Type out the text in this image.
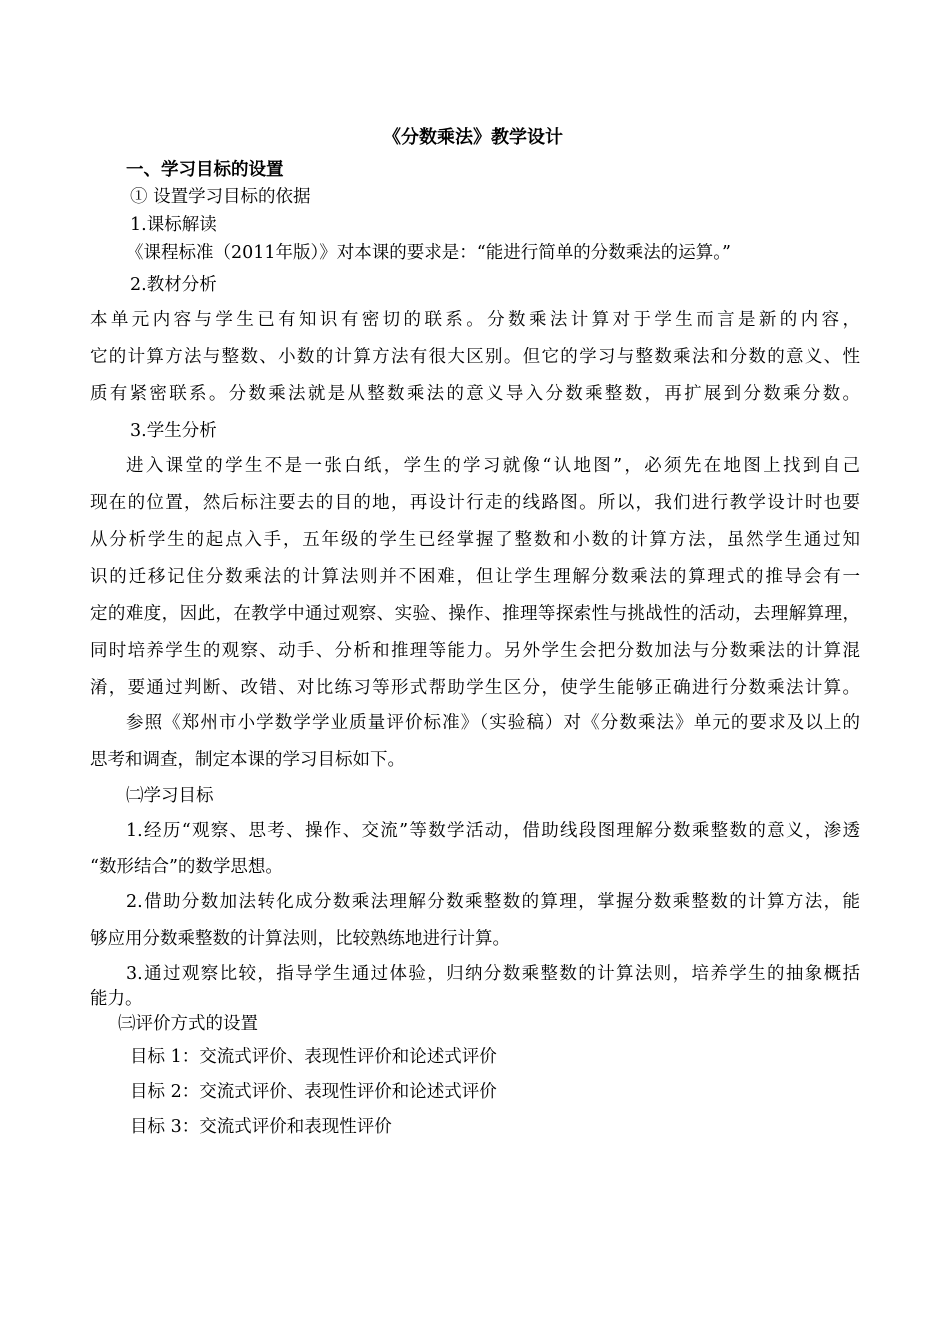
《分数乘法》教学设计
一、学习目标的设置
① 设置学习目标的依据
1.课标解读
《课程标准（2011年版）》对本课的要求是：“能进行简单的分数乘法的运算。”
2.教材分析
本单元内容与学生已有知识有密切的联系。分数乘法计算对于学生而言是新的内容，
它的计算方法与整数、小数的计算方法有很大区别。但它的学习与整数乘法和分数的意义、性
质有紧密联系。分数乘法就是从整数乘法的意义导入分数乘整数，再扩展到分数乘分数。
3.学生分析
进入课堂的学生不是一张白纸，学生的学习就像“认地图”，必须先在地图上找到自己
现在的位置，然后标注要去的目的地，再设计行走的线路图。所以，我们进行教学设计时也要
从分析学生的起点入手，五年级的学生已经掌握了整数和小数的计算方法，虽然学生通过知
识的迁移记住分数乘法的计算法则并不困难，但让学生理解分数乘法的算理式的推导会有一
定的难度，因此，在教学中通过观察、实验、操作、推理等探索性与挑战性的活动，去理解算理，
同时培养学生的观察、动手、分析和推理等能力。另外学生会把分数加法与分数乘法的计算混
淆，要通过判断、改错、对比练习等形式帮助学生区分，使学生能够正确进行分数乘法计算。
参照《郑州市小学数学学业质量评价标准》（实验稿）对《分数乘法》单元的要求及以上的
思考和调查，制定本课的学习目标如下。
㈡学习目标
1.经历“观察、思考、操作、交流”等数学活动，借助线段图理解分数乘整数的意义，渗透
“数形结合”的数学思想。
2.借助分数加法转化成分数乘法理解分数乘整数的算理，掌握分数乘整数的计算方法，能
够应用分数乘整数的计算法则，比较熟练地进行计算。
3.通过观察比较，指导学生通过体验，归纳分数乘整数的计算法则，培养学生的抽象概括
能力。
㈢评价方式的设置
目标 1：交流式评价、表现性评价和论述式评价
目标 2：交流式评价、表现性评价和论述式评价
目标 3：交流式评价和表现性评价
